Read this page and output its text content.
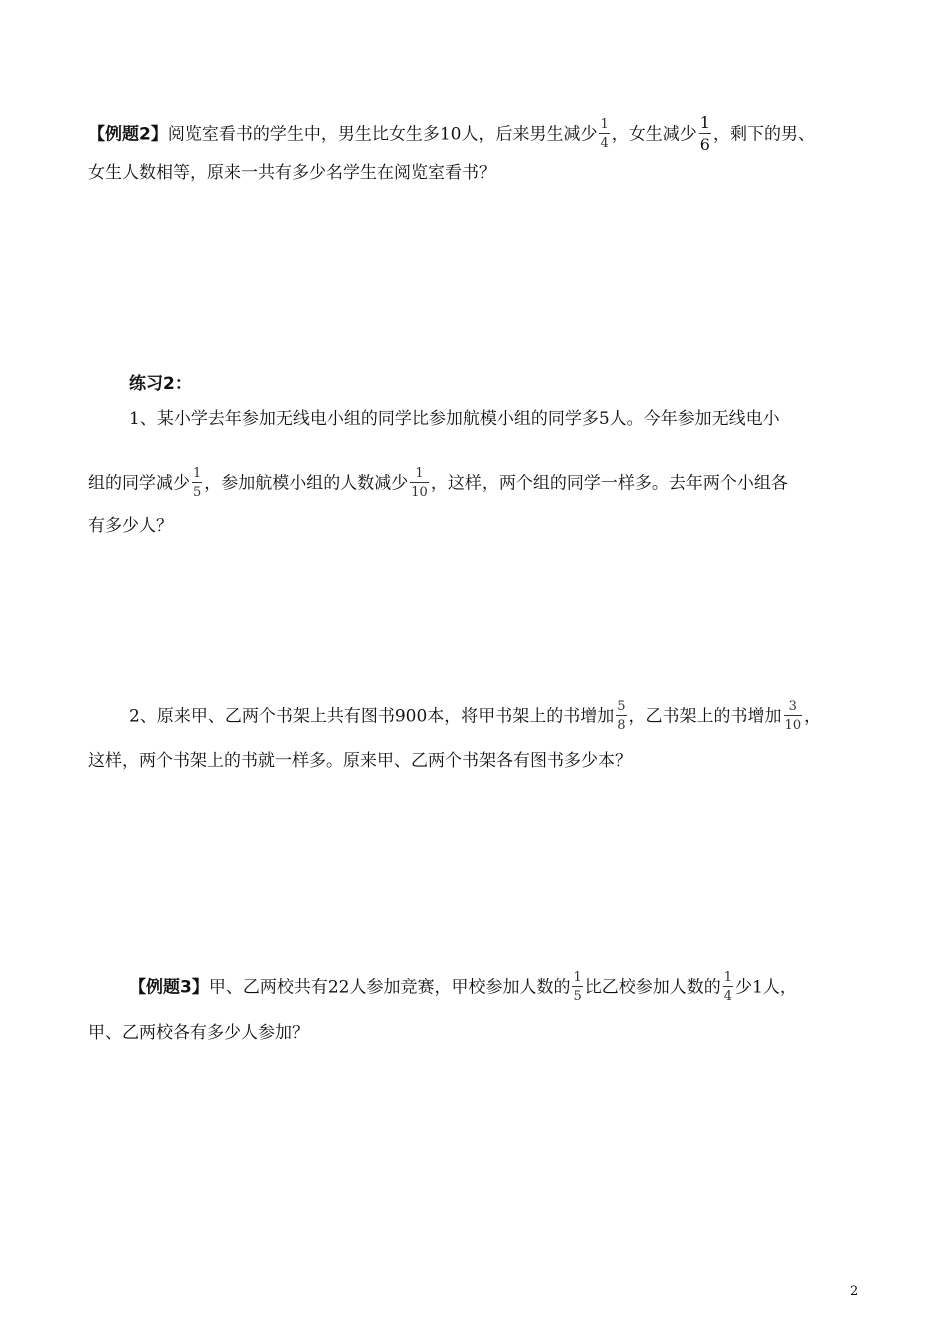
【例题2】阅览室看书的学生中，男生比女生多10人，后来男生减少 $\frac{1}{4}$ ，女生减少 $\frac{1}{6}$ ，剩下的男、
女生人数相等，原来一共有多少名学生在阅览室看书？
练习2：
1、某小学去年参加无线电小组的同学比参加航模小组的同学多5人。今年参加无线电小
组的同学减少 $\frac{1}{5}$ ，参加航模小组的人数减少 $\frac{1}{10}$ ，这样，两个组的同学一样多。去年两个小组各
有多少人？
2、原来甲、乙两个书架上共有图书900本，将甲书架上的书增加 $\frac{5}{8}$ ，乙书架上的书增加 $\frac{3}{10}$ ，
这样，两个书架上的书就一样多。原来甲、乙两个书架各有图书多少本？
【例题3】甲、乙两校共有22人参加竞赛，甲校参加人数的 $\frac{1}{5}$ 比乙校参加人数的 $\frac{1}{4}$ 少1人，
甲、乙两校各有多少人参加？
2
